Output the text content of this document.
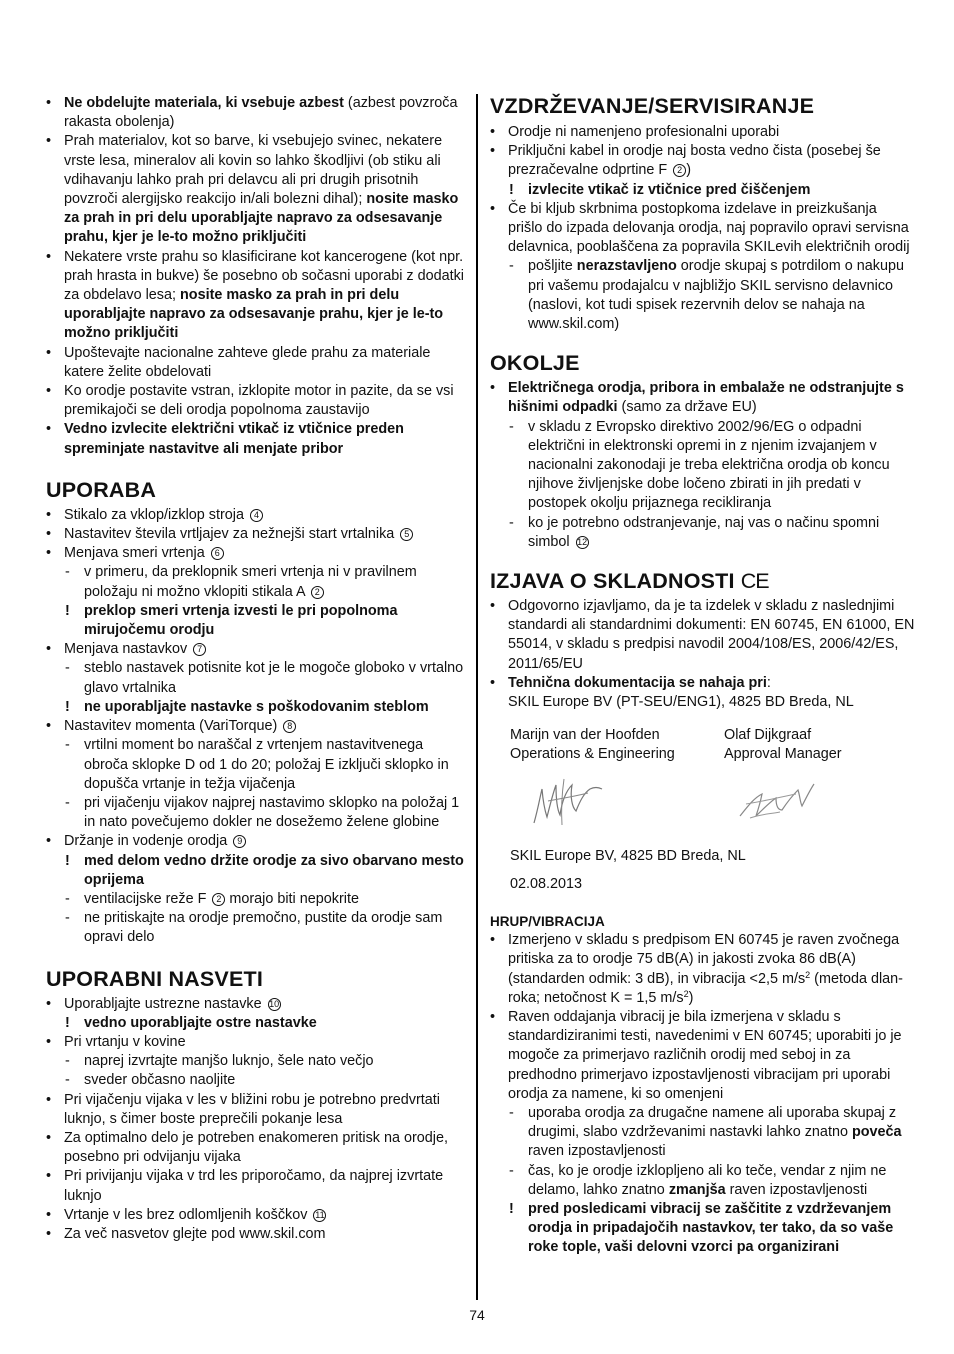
• Ne obdelujte materiala, ki vsebuje azbest (azbest povzroča rakasta obolenja)
• Prah materialov, kot so barve, ki vsebujejo svinec, nekatere vrste lesa, mineralov ali kovin so lahko škodljivi (ob stiku ali vdihavanju lahko prah pri delavcu ali pri drugih prisotnih povzroči alergijsko reakcijo in/ali bolezni dihal); nosite masko za prah in pri delu uporabljajte napravo za odsesavanje prahu, kjer je le-to možno priključiti
• Nekatere vrste prahu so klasificirane kot kancerogene (kot npr. prah hrasta in bukve) še posebno ob sočasni uporabi z dodatki za obdelavo lesa; nosite masko za prah in pri delu uporabljajte napravo za odsesavanje prahu, kjer je le-to možno priključiti
• Upoštevajte nacionalne zahteve glede prahu za materiale katere želite obdelovati
• Ko orodje postavite vstran, izklopite motor in pazite, da se vsi premikajoči se deli orodja popolnoma zaustavijo
• Vedno izvlecite električni vtikač iz vtičnice preden spreminjate nastavitve ali menjate pribor
UPORABA
• Stikalo za vklop/izklop stroja 4
• Nastavitev števila vrtljajev za nežnejši start vrtalnika 5
• Menjava smeri vrtenja 6
- v primeru, da preklopnik smeri vrtenja ni v pravilnem položaju ni možno vklopiti stikala A 2
! preklop smeri vrtenja izvesti le pri popolnoma mirujočemu orodju
• Menjava nastavkov 7
- steblo nastavek potisnite kot je le mogoče globoko v vrtalno glavo vrtalnika
! ne uporabljajte nastavke s poškodovanim steblom
• Nastavitev momenta (VariTorque) 8
- vrtilni moment bo naraščal z vrtenjem nastavitvenega obroča sklopke D od 1 do 20; položaj E izključi sklopko in dopušča vrtanje in težja vijačenja
- pri vijačenju vijakov najprej nastavimo sklopko na položaj 1 in nato povečujemo dokler ne dosežemo želene globine
• Držanje in vodenje orodja 9
! med delom vedno držite orodje za sivo obarvano mesto oprijema
- ventilacijske reže F 2 morajo biti nepokrite
- ne pritiskajte na orodje premočno, pustite da orodje sam opravi delo
UPORABNI NASVETI
• Uporabljajte ustrezne nastavke 10
! vedno uporabljajte ostre nastavke
• Pri vrtanju v kovine
- naprej izvrtajte manjšo luknjo, šele nato večjo
- sveder občasno naoljite
• Pri vijačenju vijaka v les v bližini robu je potrebno predvrtati luknjo, s čimer boste preprečili pokanje lesa
• Za optimalno delo je potreben enakomeren pritisk na orodje, posebno pri odvijanju vijaka
• Pri privijanju vijaka v trd les priporočamo, da najprej izvrtate luknjo
• Vrtanje v les brez odlomljenih koščkov 11
• Za več nasvetov glejte pod www.skil.com
VZDRŽEVANJE/SERVISIRANJE
• Orodje ni namenjeno profesionalni uporabi
• Priključni kabel in orodje naj bosta vedno čista (posebej še prezračevalne odprtine F 2 )
! izvlecite vtikač iz vtičnice pred čiščenjem
• Če bi kljub skrbnima postopkoma izdelave in preizkušanja prišlo do izpada delovanja orodja, naj popravilo opravi servisna delavnica, pooblaščena za popravila SKILevih električnih orodij
- pošljite nerazstavljeno orodje skupaj s potrdilom o nakupu pri vašemu prodajalcu v najbližjo SKIL servisno delavnico (naslovi, kot tudi spisek rezervnih delov se nahaja na www.skil.com)
OKOLJE
• Električnega orodja, pribora in embalaže ne odstranjujte s hišnimi odpadki (samo za države EU)
- v skladu z Evropsko direktivo 2002/96/EG o odpadni električni in elektronski opremi in z njenim izvajanjem v nacionalni zakonodaji je treba električna orodja ob koncu njihove življenjske dobe ločeno zbirati in jih predati v postopek okolju prijaznega recikliranja
- ko je potrebno odstranjevanje, naj vas o načinu spomni simbol 12
IZJAVA O SKLADNOSTI CE
• Odgovorno izjavljamo, da je ta izdelek v skladu z naslednjimi standardi ali standardnimi dokumenti: EN 60745, EN 61000, EN 55014, v skladu s predpisi navodil 2004/108/ES, 2006/42/ES, 2011/65/EU
• Tehnična dokumentacija se nahaja pri:
SKIL Europe BV (PT-SEU/ENG1), 4825 BD Breda, NL
Marijn van der Hoofden
Operations & Engineering
Olaf Dijkgraaf
Approval Manager
SKIL Europe BV, 4825 BD Breda, NL
02.08.2013
HRUP/VIBRACIJA
• Izmerjeno v skladu s predpisom EN 60745 je raven zvočnega pritiska za to orodje 75 dB(A) in jakosti zvoka 86 dB(A) (standarden odmik: 3 dB), in vibracija <2,5 $m/s^2$ (metoda dlan-roka; netočnost K = 1,5 $m/s^2$)
• Raven oddajanja vibracij je bila izmerjena v skladu s standardiziranimi testi, navedenimi v EN 60745; uporabiti jo je mogoče za primerjavo različnih orodij med seboj in za predhodno primerjavo izpostavljenosti vibracijam pri uporabi orodja za namene, ki so omenjeni
- uporaba orodja za drugačne namene ali uporaba skupaj z drugimi, slabo vzdrževanimi nastavki lahko znatno poveča raven izpostavljenosti
- čas, ko je orodje izklopljeno ali ko teče, vendar z njim ne delamo, lahko znatno zmanjša raven izpostavljenosti
! pred posledicami vibracij se zaščitite z vzdrževanjem orodja in pripadajočih nastavkov, ter tako, da so vaše roke tople, vaši delovni vzorci pa organizirani
74
